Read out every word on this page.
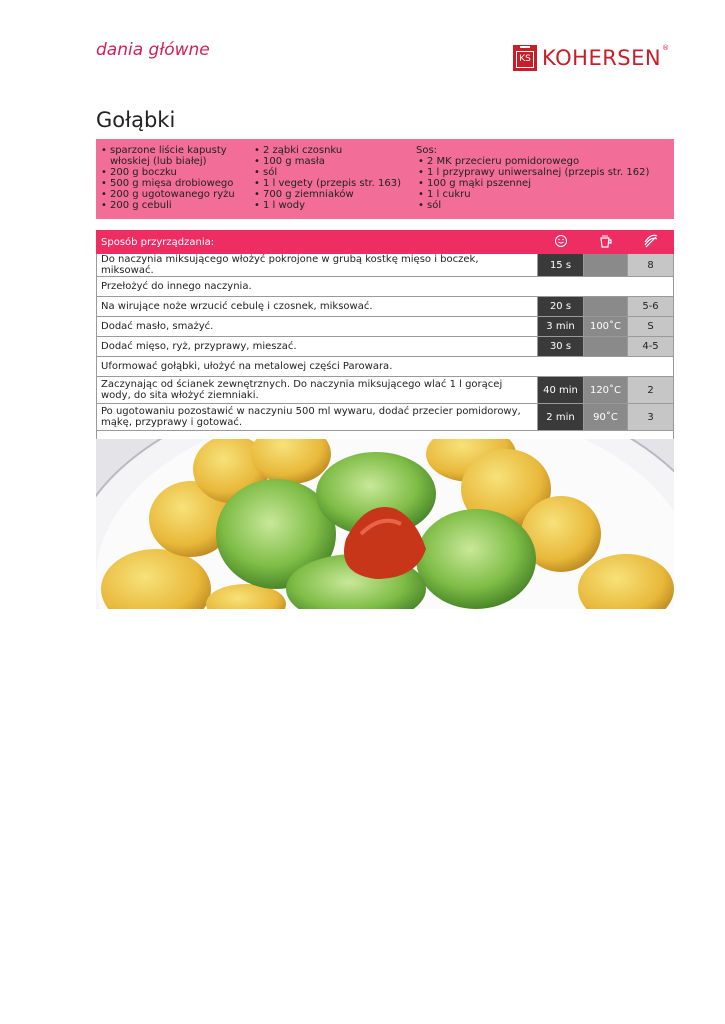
dania główne	KS KOHERSEN ®
Gołąbki
• sparzone liście kapusty włoskiej (lub białej)
• 200 g boczku
• 500 g mięsa drobiowego
• 200 g ugotowanego ryżu
• 200 g cebuli
• 2 ząbki czosnku
• 100 g masła
• sól
• 1 l vegety (przepis str. 163)
• 700 g ziemniaków
• 1 l wody
Sos:
• 2 MK przecieru pomidorowego
• 1 l przyprawy uniwersalnej (przepis str. 162)
• 100 g mąki pszennej
• 1 l cukru
• sól
Sposób przyrządzania:			
Do naczynia miksującego włożyć pokrojone w grubą kostkę mięso i boczek, miksować.	15 s		8
Przełożyć do innego naczynia.			
Na wirujące noże wrzucić cebulę i czosnek, miksować.	20 s		5-6
Dodać masło, smażyć.	3 min	100˚C	S
Dodać mięso, ryż, przyprawy, mieszać.	30 s		4-5
Uformować gołąbki, ułożyć na metalowej części Parowara.			
Zaczynając od ścianek zewnętrznych. Do naczynia miksującego wlać 1 l gorącej wody, do sita włożyć ziemniaki.	40 min	120˚C	2
Po ugotowaniu pozostawić w naczyniu 500 ml wywaru, dodać przecier pomidorowy, mąkę, przyprawy i gotować.	2 min	90˚C	3
